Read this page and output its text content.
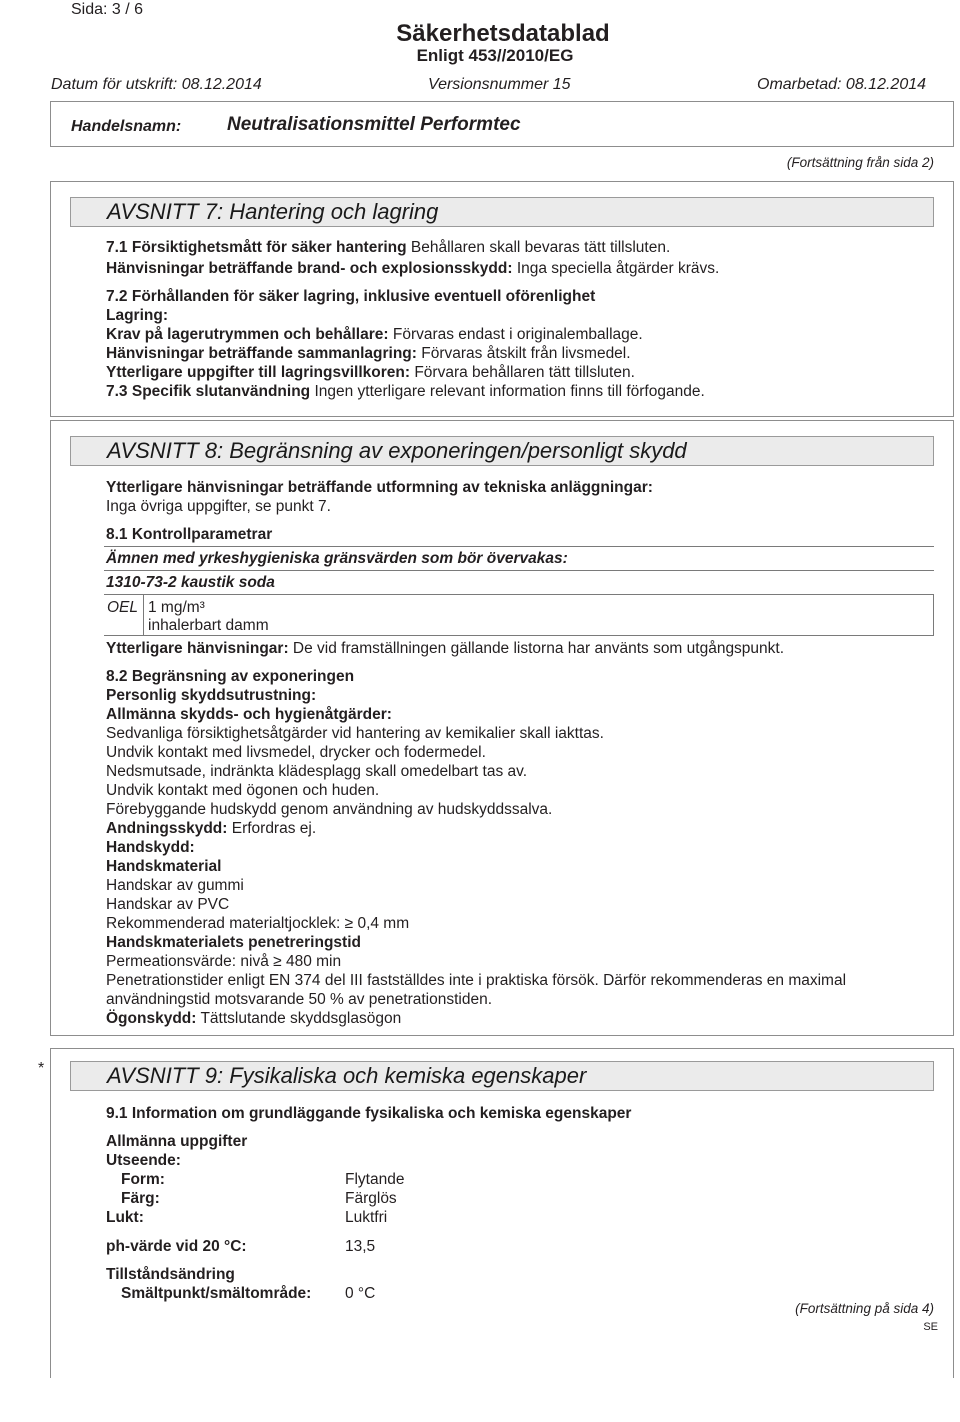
Sida: 3 / 6
Säkerhetsdatablad
Enligt 453//2010/EG
Datum för utskrift: 08.12.2014	Versionsnummer 15	Omarbetad: 08.12.2014
Handelsnamn: Neutralisationsmittel Performtec
(Fortsättning från sida 2)
AVSNITT 7: Hantering och lagring
7.1 Försiktighetsmått för säker hantering Behållaren skall bevaras tätt tillsluten.
Hänvisningar beträffande brand- och explosionsskydd: Inga speciella åtgärder krävs.
7.2 Förhållanden för säker lagring, inklusive eventuell oförenlighet
Lagring:
Krav på lagerutrymmen och behållare: Förvaras endast i originalemballage.
Hänvisningar beträffande sammanlagring: Förvaras åtskilt från livsmedel.
Ytterligare uppgifter till lagringsvillkoren: Förvara behållaren tätt tillsluten.
7.3 Specifik slutanvändning Ingen ytterligare relevant information finns till förfogande.
AVSNITT 8: Begränsning av exponeringen/personligt skydd
Ytterligare hänvisningar beträffande utformning av tekniska anläggningar:
Inga övriga uppgifter, se punkt 7.
8.1 Kontrollparametrar
Ämnen med yrkeshygieniska gränsvärden som bör övervakas:
1310-73-2 kaustik soda
OEL 1 mg/m³
inhalerbart damm
Ytterligare hänvisningar: De vid framställningen gällande listorna har använts som utgångspunkt.
8.2 Begränsning av exponeringen
Personlig skyddsutrustning:
Allmänna skydds- och hygienåtgärder:
Sedvanliga försiktighetsåtgärder vid hantering av kemikalier skall iakttas.
Undvik kontakt med livsmedel, drycker och fodermedel.
Nedsmutsade, indränkta klädesplagg skall omedelbart tas av.
Undvik kontakt med ögonen och huden.
Förebyggande hudskydd genom användning av hudskyddssalva.
Andningsskydd: Erfordras ej.
Handskydd:
Handskmaterial
Handskar av gummi
Handskar av PVC
Rekommenderad materialtjocklek: ≥ 0,4 mm
Handskmaterialets penetreringstid
Permeationsvärde: nivå ≥ 480 min
Penetrationstider enligt EN 374 del III fastställdes inte i praktiska försök. Därför rekommenderas en maximal
användningstid motsvarande 50 % av penetrationstiden.
Ögonskydd: Tättslutande skyddsglasögon
*	AVSNITT 9: Fysikaliska och kemiska egenskaper
9.1 Information om grundläggande fysikaliska och kemiska egenskaper
Allmänna uppgifter
Utseende:
Form:	Flytande
Färg:	Färglös
Lukt:	Luktfri
ph-värde vid 20 °C:	13,5
Tillståndsändring
Smältpunkt/smältområde: 0 °C
(Fortsättning på sida 4)
SE
